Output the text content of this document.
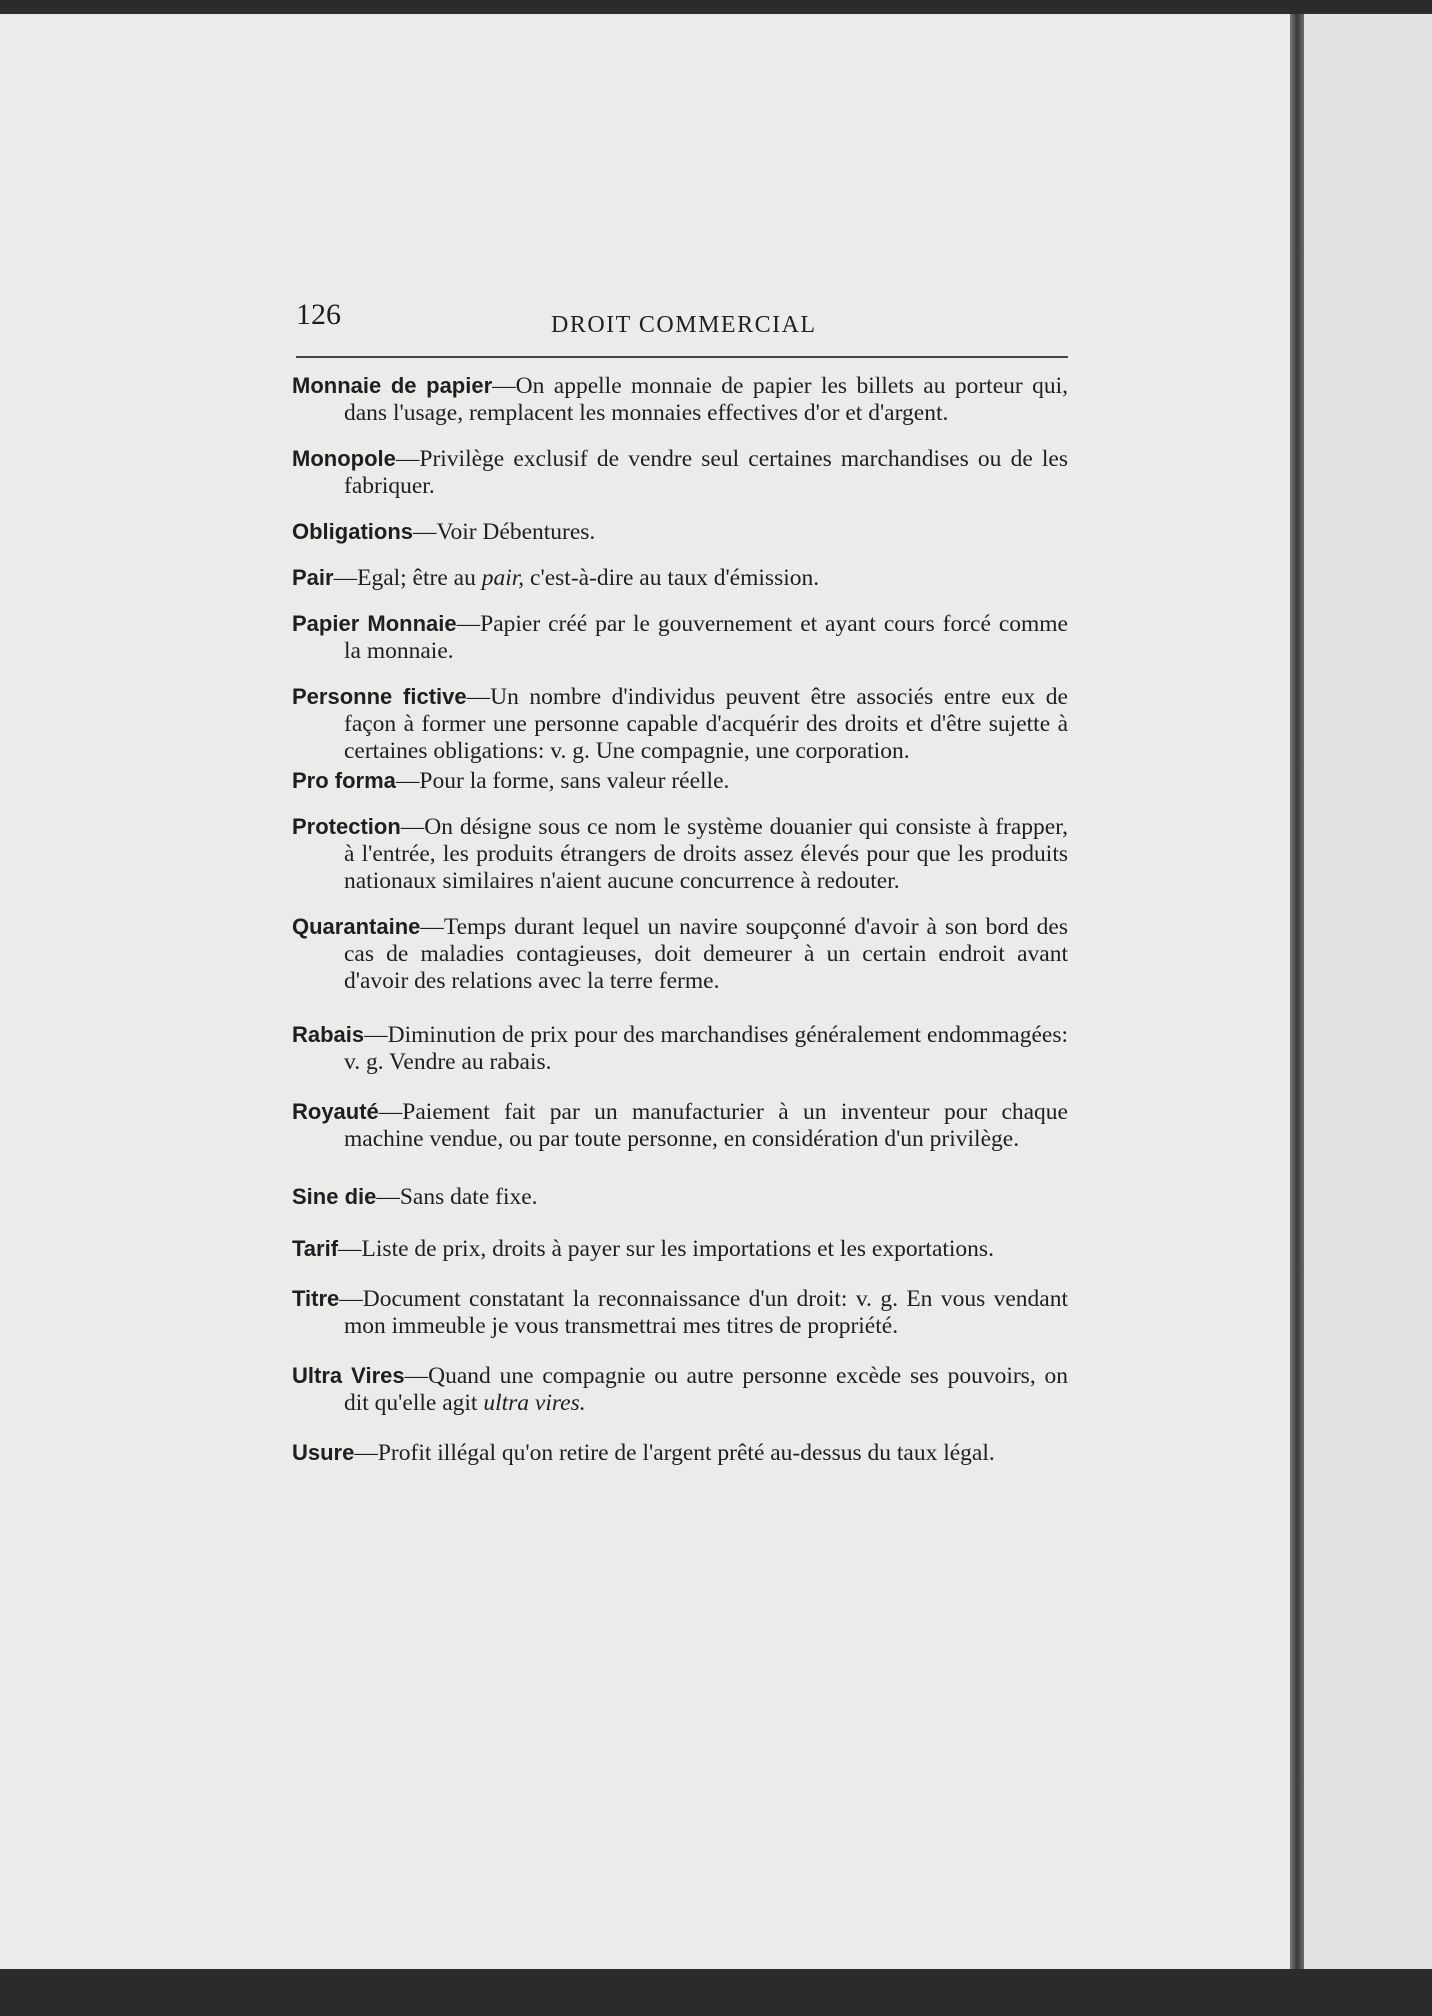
126	DROIT COMMERCIAL

Monnaie de papier—On appelle monnaie de papier les billets au porteur qui, dans l'usage, remplacent les monnaies effectives d'or et d'argent.

Monopole—Privilège exclusif de vendre seul certaines marchandises ou de les fabriquer.

Obligations—Voir Débentures.

Pair—Egal; être au pair, c'est-à-dire au taux d'émission.

Papier Monnaie—Papier créé par le gouvernement et ayant cours forcé comme la monnaie.

Personne fictive—Un nombre d'individus peuvent être associés entre eux de façon à former une personne capable d'acquérir des droits et d'être sujette à certaines obligations: v. g. Une compagnie, une corporation.

Pro forma—Pour la forme, sans valeur réelle.

Protection—On désigne sous ce nom le système douanier qui consiste à frapper, à l'entrée, les produits étrangers de droits assez élevés pour que les produits nationaux similaires n'aient aucune concurrence à redouter.

Quarantaine—Temps durant lequel un navire soupçonné d'avoir à son bord des cas de maladies contagieuses, doit demeurer à un certain endroit avant d'avoir des relations avec la terre ferme.

Rabais—Diminution de prix pour des marchandises généralement endommagées: v. g. Vendre au rabais.

Royauté—Paiement fait par un manufacturier à un inventeur pour chaque machine vendue, ou par toute personne, en considération d'un privilège.

Sine die—Sans date fixe.

Tarif—Liste de prix, droits à payer sur les importations et les exportations.

Titre—Document constatant la reconnaissance d'un droit: v. g. En vous vendant mon immeuble je vous transmettrai mes titres de propriété.

Ultra Vires—Quand une compagnie ou autre personne excède ses pouvoirs, on dit qu'elle agit ultra vires.

Usure—Profit illégal qu'on retire de l'argent prêté au-dessus du taux légal.
